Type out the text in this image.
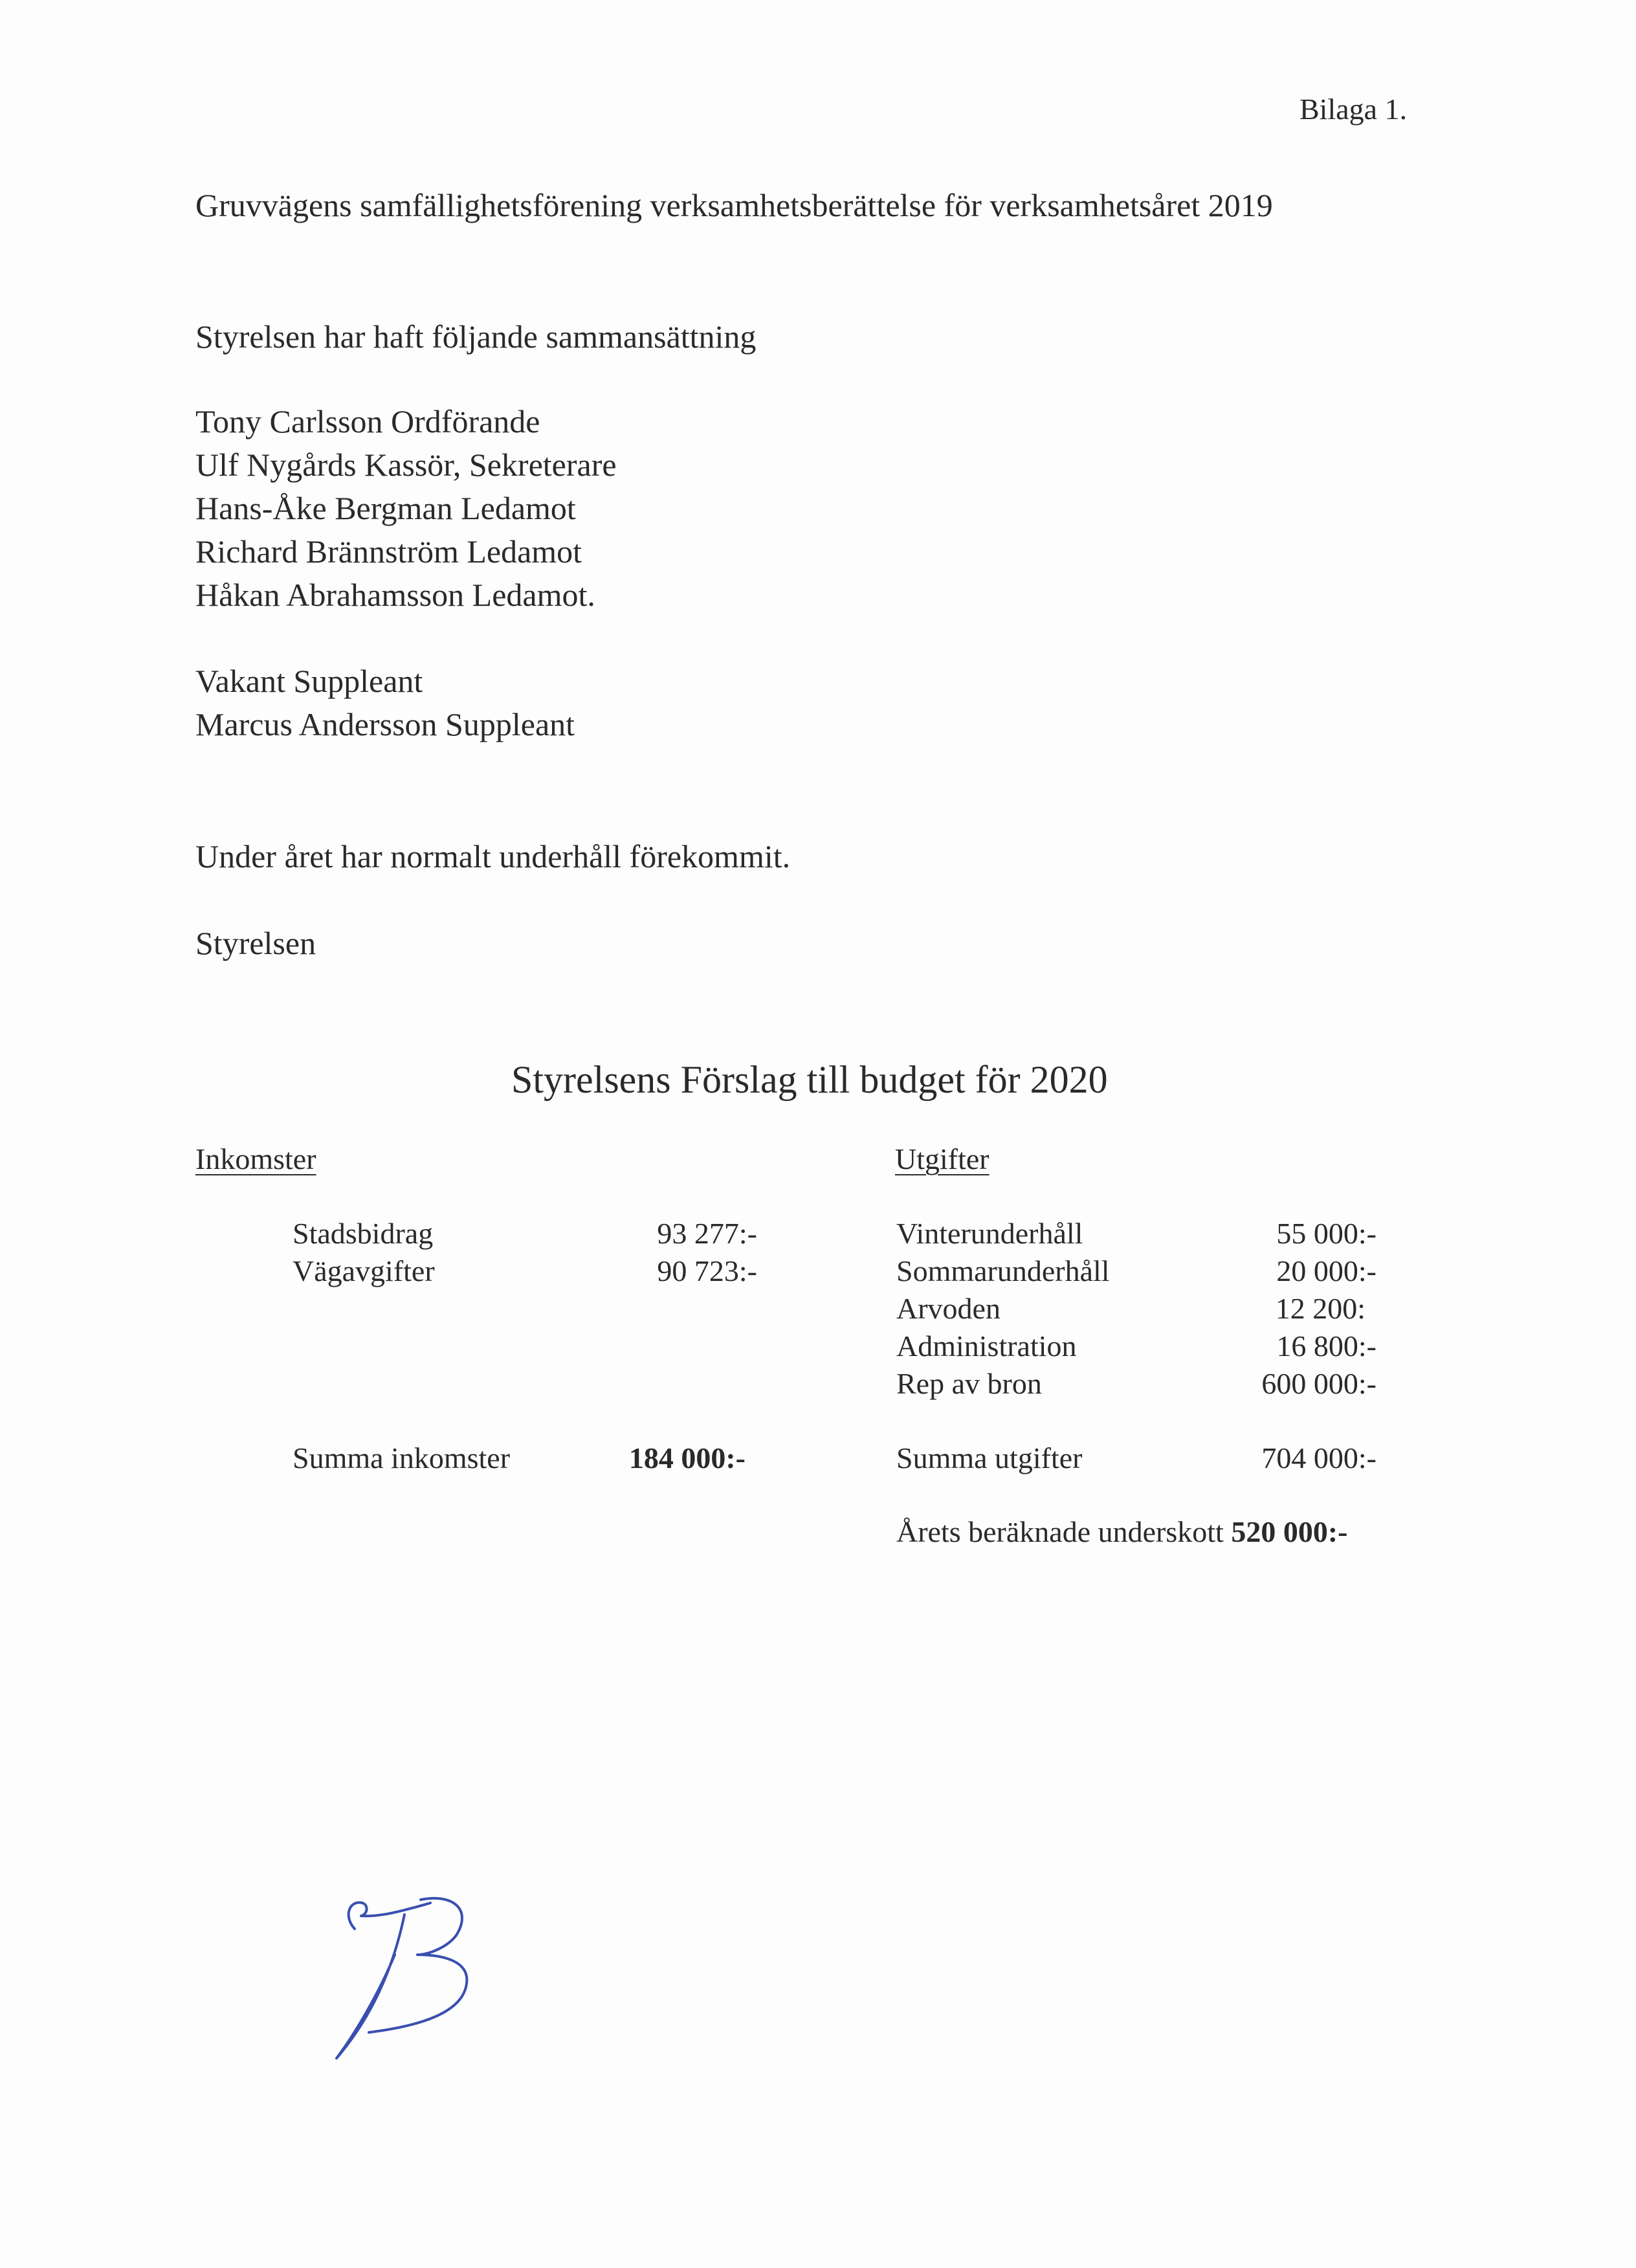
Bilaga 1.
Gruvvägens samfällighetsförening verksamhetsberättelse för verksamhetsåret 2019
Styrelsen har haft följande sammansättning
Tony Carlsson Ordförande
Ulf Nygårds Kassör, Sekreterare
Hans-Åke Bergman Ledamot
Richard Brännström Ledamot
Håkan Abrahamsson Ledamot.
Vakant Suppleant
Marcus Andersson Suppleant
Under året har normalt underhåll förekommit.
Styrelsen
Styrelsens Förslag till budget för 2020
Inkomster	Utgifter
Stadsbidrag	93 277:-
Vägavgifter	90 723:-
Vinterunderhåll	55 000:-
Sommarunderhåll	20 000:-
Arvoden	12 200:
Administration	16 800:-
Rep av bron	600 000:-
Summa inkomster	184 000:-	Summa utgifter	704 000:-
Årets beräknade underskott 520 000:-
